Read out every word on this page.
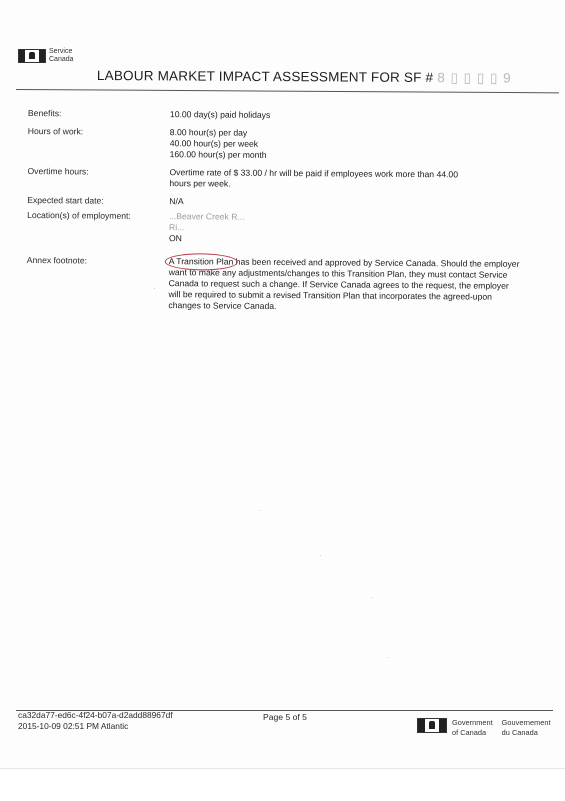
Service
Canada
LABOUR MARKET IMPACT ASSESSMENT FOR SF # 8 ▯ ▯ ▯ ▯ 9
Benefits:	10.00 day(s) paid holidays
Hours of work:	8.00 hour(s) per day
40.00 hour(s) per week
160.00 hour(s) per month
Overtime hours:	Overtime rate of $ 33.00 / hr will be paid if employees work more than 44.00
hours per week.
Expected start date:	N/A
Location(s) of employment:	...Beaver Creek R...
Ri...
ON
Annex footnote:	A Transition Plan has been received and approved by Service Canada. Should the employer
want to make any adjustments/changes to this Transition Plan, they must contact Service
Canada to request such a change. If Service Canada agrees to the request, the employer
will be required to submit a revised Transition Plan that incorporates the agreed-upon
changes to Service Canada.
ca32da77-ed6c-4f24-b07a-d2add88967df
2015-10-09 02:51 PM Atlantic
Page 5 of 5
Government
of Canada
Gouvernement
du Canada
